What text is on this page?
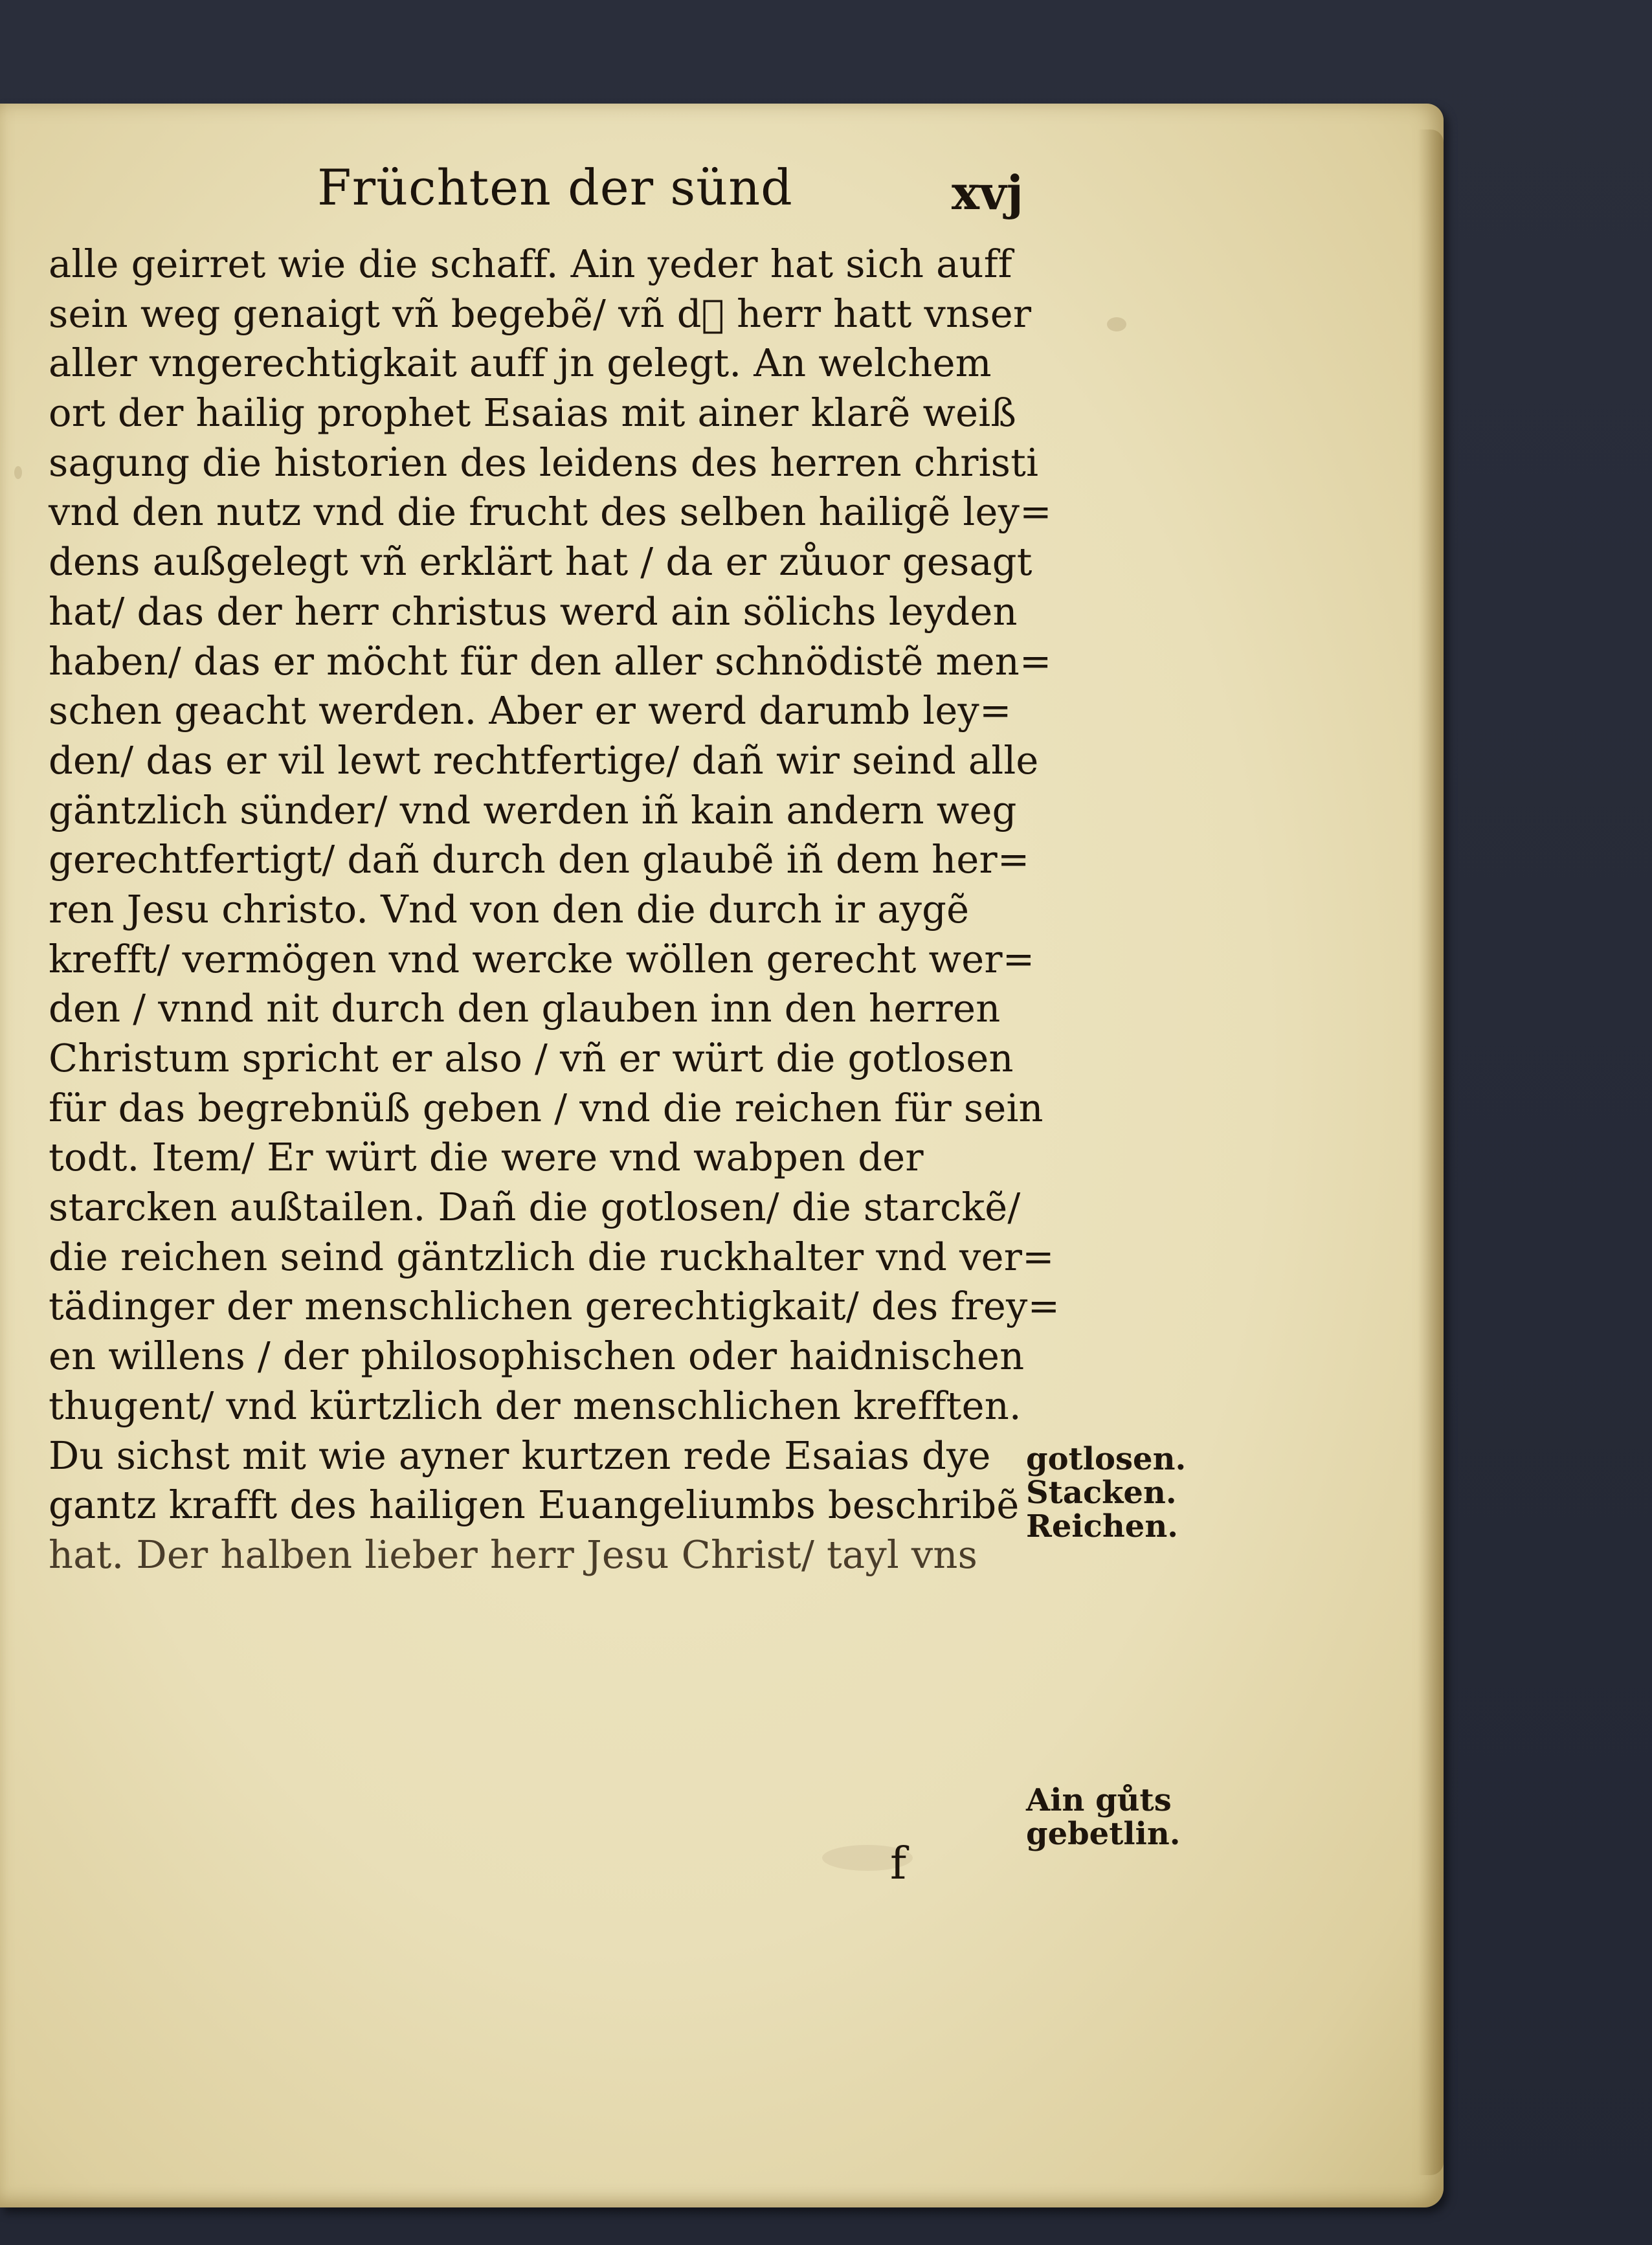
Früchten der sünd	xvj
alle geirret wie die schaff. Ain yeder hat sich auff
sein weg genaigt vñ begebẽ/ vñ d᷑ herr hatt vnser
aller vngerechtigkait auff jn gelegt. An welchem
ort der hailig prophet Esaias mit ainer klarẽ weiß
sagung die histori̇en des leidens des herren christi
vnd den nutz vnd die frucht des selben hailigẽ ley=
dens außgelegt vñ erklärt hat / da er zůuor gesagt
hat/ das der herr christus werd ain sölichs leyden
haben/ das er möcht für den aller schnödistẽ men=
schen geacht werden. Aber er werd darumb ley=
den/ das er vil lewt rechtfertige/ dañ wir seind alle
gäntzlich sünder/ vnd werden iñ kain andern weg
gerechtfertigt/ dañ durch den glaubẽ iñ dem her=
ren Jesu christo. Vnd von den die durch ir aygẽ
krefft/ vermögen vnd wercke wöllen gerecht wer=
den / vnnd nit durch den glauben inn den herren
Christum spricht er also / vñ er würt die gotlosen
für das begrebnüß geben / vnd die reichen für sein
todt. Item/ Er würt die were vnd wabpen der
starcken außtailen. Dañ die gotlosen/ die starckẽ/
die reichen seind gäntzlich die ruckhalter vnd ver=
tädinger der menschlichen gerechtigkait/ des frey=
en willens / der philosophischen oder haidnischen
thugent/ vnd kürtzlich der menschlichen krefften.
Du sichst mit wie ayner kurtzen rede Esaias dye
gantz krafft des hailigen Euangeliumbs beschribẽ
hat. Der halben lieber herr Jesu Christ/ tayl vns
gotlosen.
Stacken.
Reichen.
Ain gůts
gebetlin.
f
